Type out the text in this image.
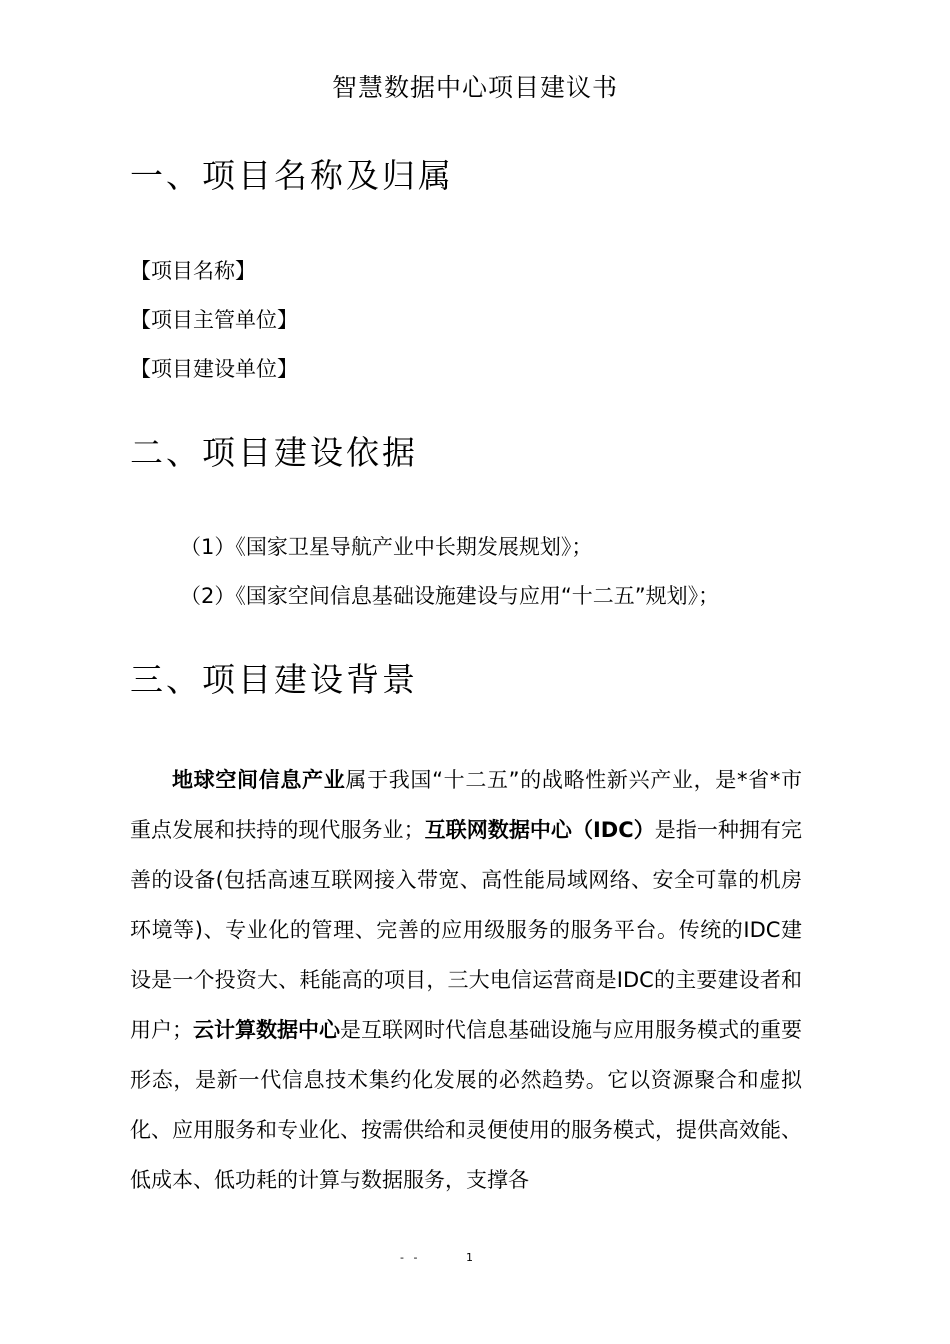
智慧数据中心项目建议书
一、项目名称及归属
【项目名称】
【项目主管单位】
【项目建设单位】
二、项目建设依据
（1）《国家卫星导航产业中长期发展规划》；
（2）《国家空间信息基础设施建设与应用“十二五”规划》；
三、项目建设背景

地球空间信息产业属于我国“十二五”的战略性新兴产业，是*省*市重点发展和扶持的现代服务业；互联网数据中心（IDC）是指一种拥有完善的设备(包括高速互联网接入带宽、高性能局域网络、安全可靠的机房环境等)、专业化的管理、完善的应用级服务的服务平台。传统的IDC建设是一个投资大、耗能高的项目，三大电信运营商是IDC的主要建设者和用户；云计算数据中心是互联网时代信息基础设施与应用服务模式的重要形态，是新一代信息技术集约化发展的必然趋势。它以资源聚合和虚拟化、应用服务和专业化、按需供给和灵便使用的服务模式，提供高效能、低成本、低功耗的计算与数据服务，支撑各

- -	1
